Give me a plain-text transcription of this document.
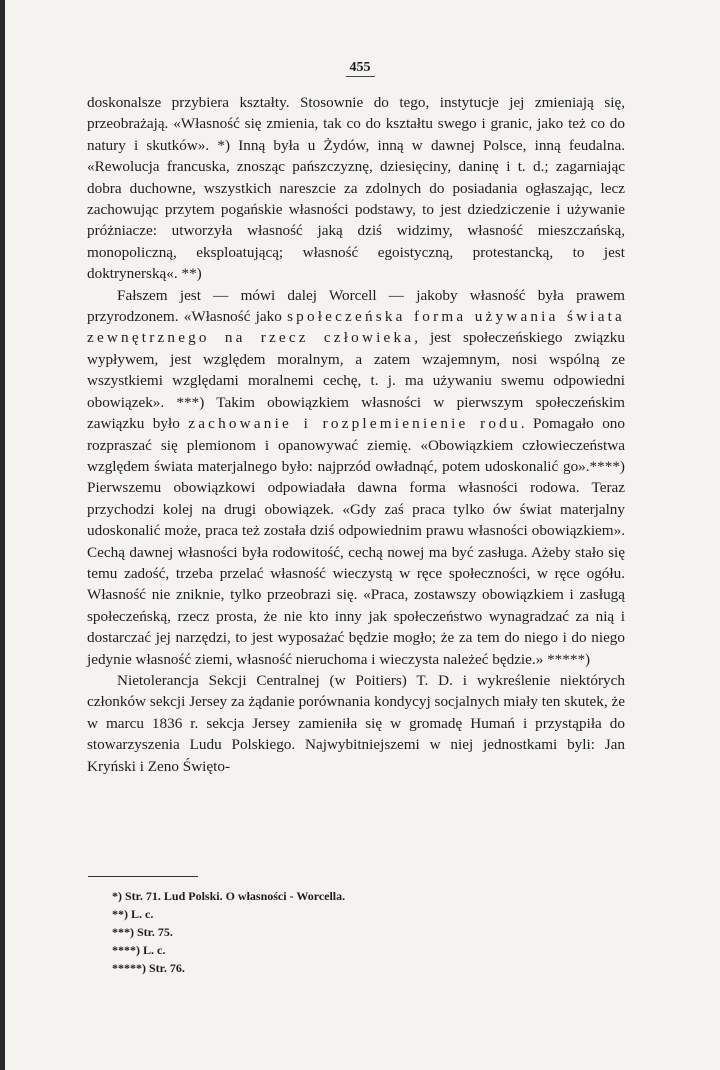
455

doskonalsze przybiera kształty. Stosownie do tego, instytucje jej zmieniają się, przeobrażają. «Własność się zmienia, tak co do kształtu swego i granic, jako też co do natury i skutków». *) Inną była u Żydów, inną w dawnej Polsce, inną feudalna. «Rewolucja francuska, znosząc pańszczyznę, dziesięciny, daninę i t. d.; zagarniając dobra duchowne, wszystkich nareszcie za zdolnych do posiadania ogłaszając, lecz zachowując przytem pogańskie własności podstawy, to jest dziedziczenie i używanie próżniacze: utworzyła własność jaką dziś widzimy, własność mieszczańską, monopoliczną, eksploatującą; własność egoistyczną, protestancką, to jest doktrynerską«. **)

Fałszem jest — mówi dalej Worcell — jakoby własność była prawem przyrodzonem. «Własność jako społeczeńska forma używania świata zewnętrznego na rzecz człowieka, jest społeczeńskiego związku wypływem, jest względem moralnym, a zatem wzajemnym, nosi wspólną ze wszystkiemi względami moralnemi cechę, t. j. ma używaniu swemu odpowiedni obowiązek». ***) Takim obowiązkiem własności w pierwszym społeczeńskim zawiązku było zachowanie i rozplemienienie rodu. Pomagało ono rozpraszać się plemionom i opanowywać ziemię. «Obowiązkiem człowieczeństwa względem świata materjalnego było: najprzód owładnąć, potem udoskonalić go».****) Pierwszemu obowiązkowi odpowiadała dawna forma własności rodowa. Teraz przychodzi kolej na drugi obowiązek. «Gdy zaś praca tylko ów świat materjalny udoskonalić może, praca też została dziś odpowiednim prawu własności obowiązkiem». Cechą dawnej własności była rodowitość, cechą nowej ma być zasługa. Ażeby stało się temu zadość, trzeba przelać własność wieczystą w ręce społeczności, w ręce ogółu. Własność nie zniknie, tylko przeobrazi się. «Praca, zostawszy obowiązkiem i zasługą społeczeńską, rzecz prosta, że nie kto inny jak społeczeństwo wynagradzać za nią i dostarczać jej narzędzi, to jest wyposażać będzie mogło; że za tem do niego i do niego jedynie własność ziemi, własność nieruchoma i wieczysta należeć będzie.» *****)

Nietolerancja Sekcji Centralnej (w Poitiers) T. D. i wykreślenie niektórych członków sekcji Jersey za żądanie porównania kondycyj socjalnych miały ten skutek, że w marcu 1836 r. sekcja Jersey zamieniła się w gromadę Humań i przystąpiła do stowarzyszenia Ludu Polskiego. Najwybitniejszemi w niej jednostkami byli: Jan Kryński i Zeno Święto-

*) Str. 71. Lud Polski. O własności - Worcella.
**) L. c.
***) Str. 75.
****) L. c.
*****) Str. 76.
